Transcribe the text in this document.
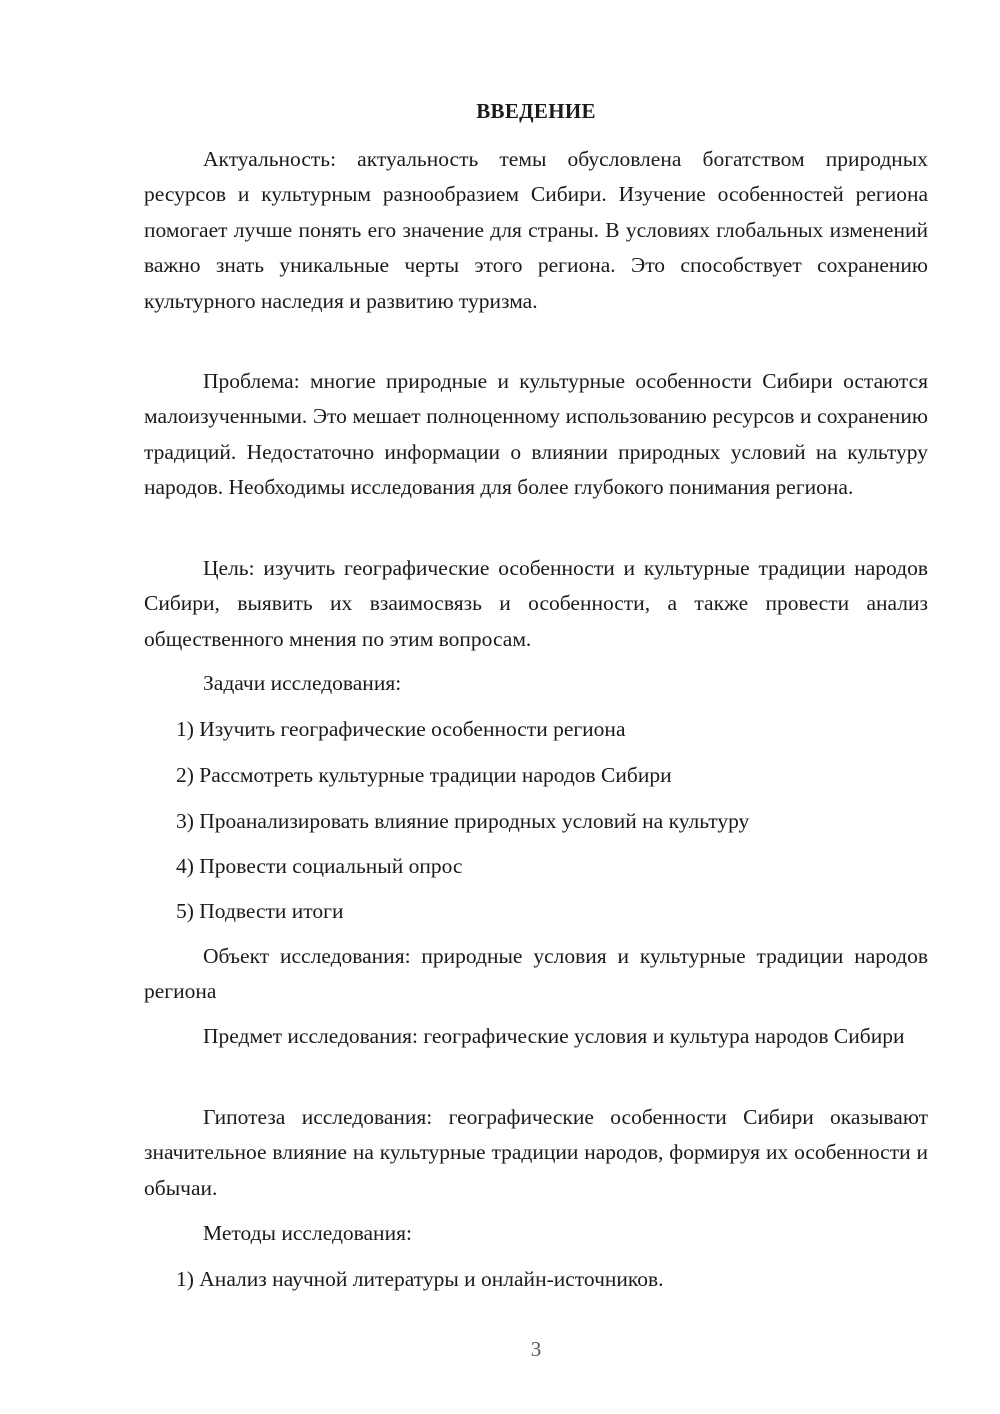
ВВЕДЕНИЕ

Актуальность: актуальность темы обусловлена богатством природных ресурсов и культурным разнообразием Сибири. Изучение особенностей региона помогает лучше понять его значение для страны. В условиях глобальных изменений важно знать уникальные черты этого региона. Это способствует сохранению культурного наследия и развитию туризма.

Проблема: многие природные и культурные особенности Сибири остаются малоизученными. Это мешает полноценному использованию ресурсов и сохранению традиций. Недостаточно информации о влиянии природных условий на культуру народов. Необходимы исследования для более глубокого понимания региона.

Цель: изучить географические особенности и культурные традиции народов Сибири, выявить их взаимосвязь и особенности, а также провести анализ общественного мнения по этим вопросам.

Задачи исследования:

1) Изучить географические особенности региона

2) Рассмотреть культурные традиции народов Сибири

3) Проанализировать влияние природных условий на культуру

4) Провести социальный опрос

5) Подвести итоги

Объект исследования: природные условия и культурные традиции народов региона

Предмет исследования: географические условия и культура народов Сибири

Гипотеза исследования: географические особенности Сибири оказывают значительное влияние на культурные традиции народов, формируя их особенности и обычаи.

Методы исследования:

1) Анализ научной литературы и онлайн-источников.

3
